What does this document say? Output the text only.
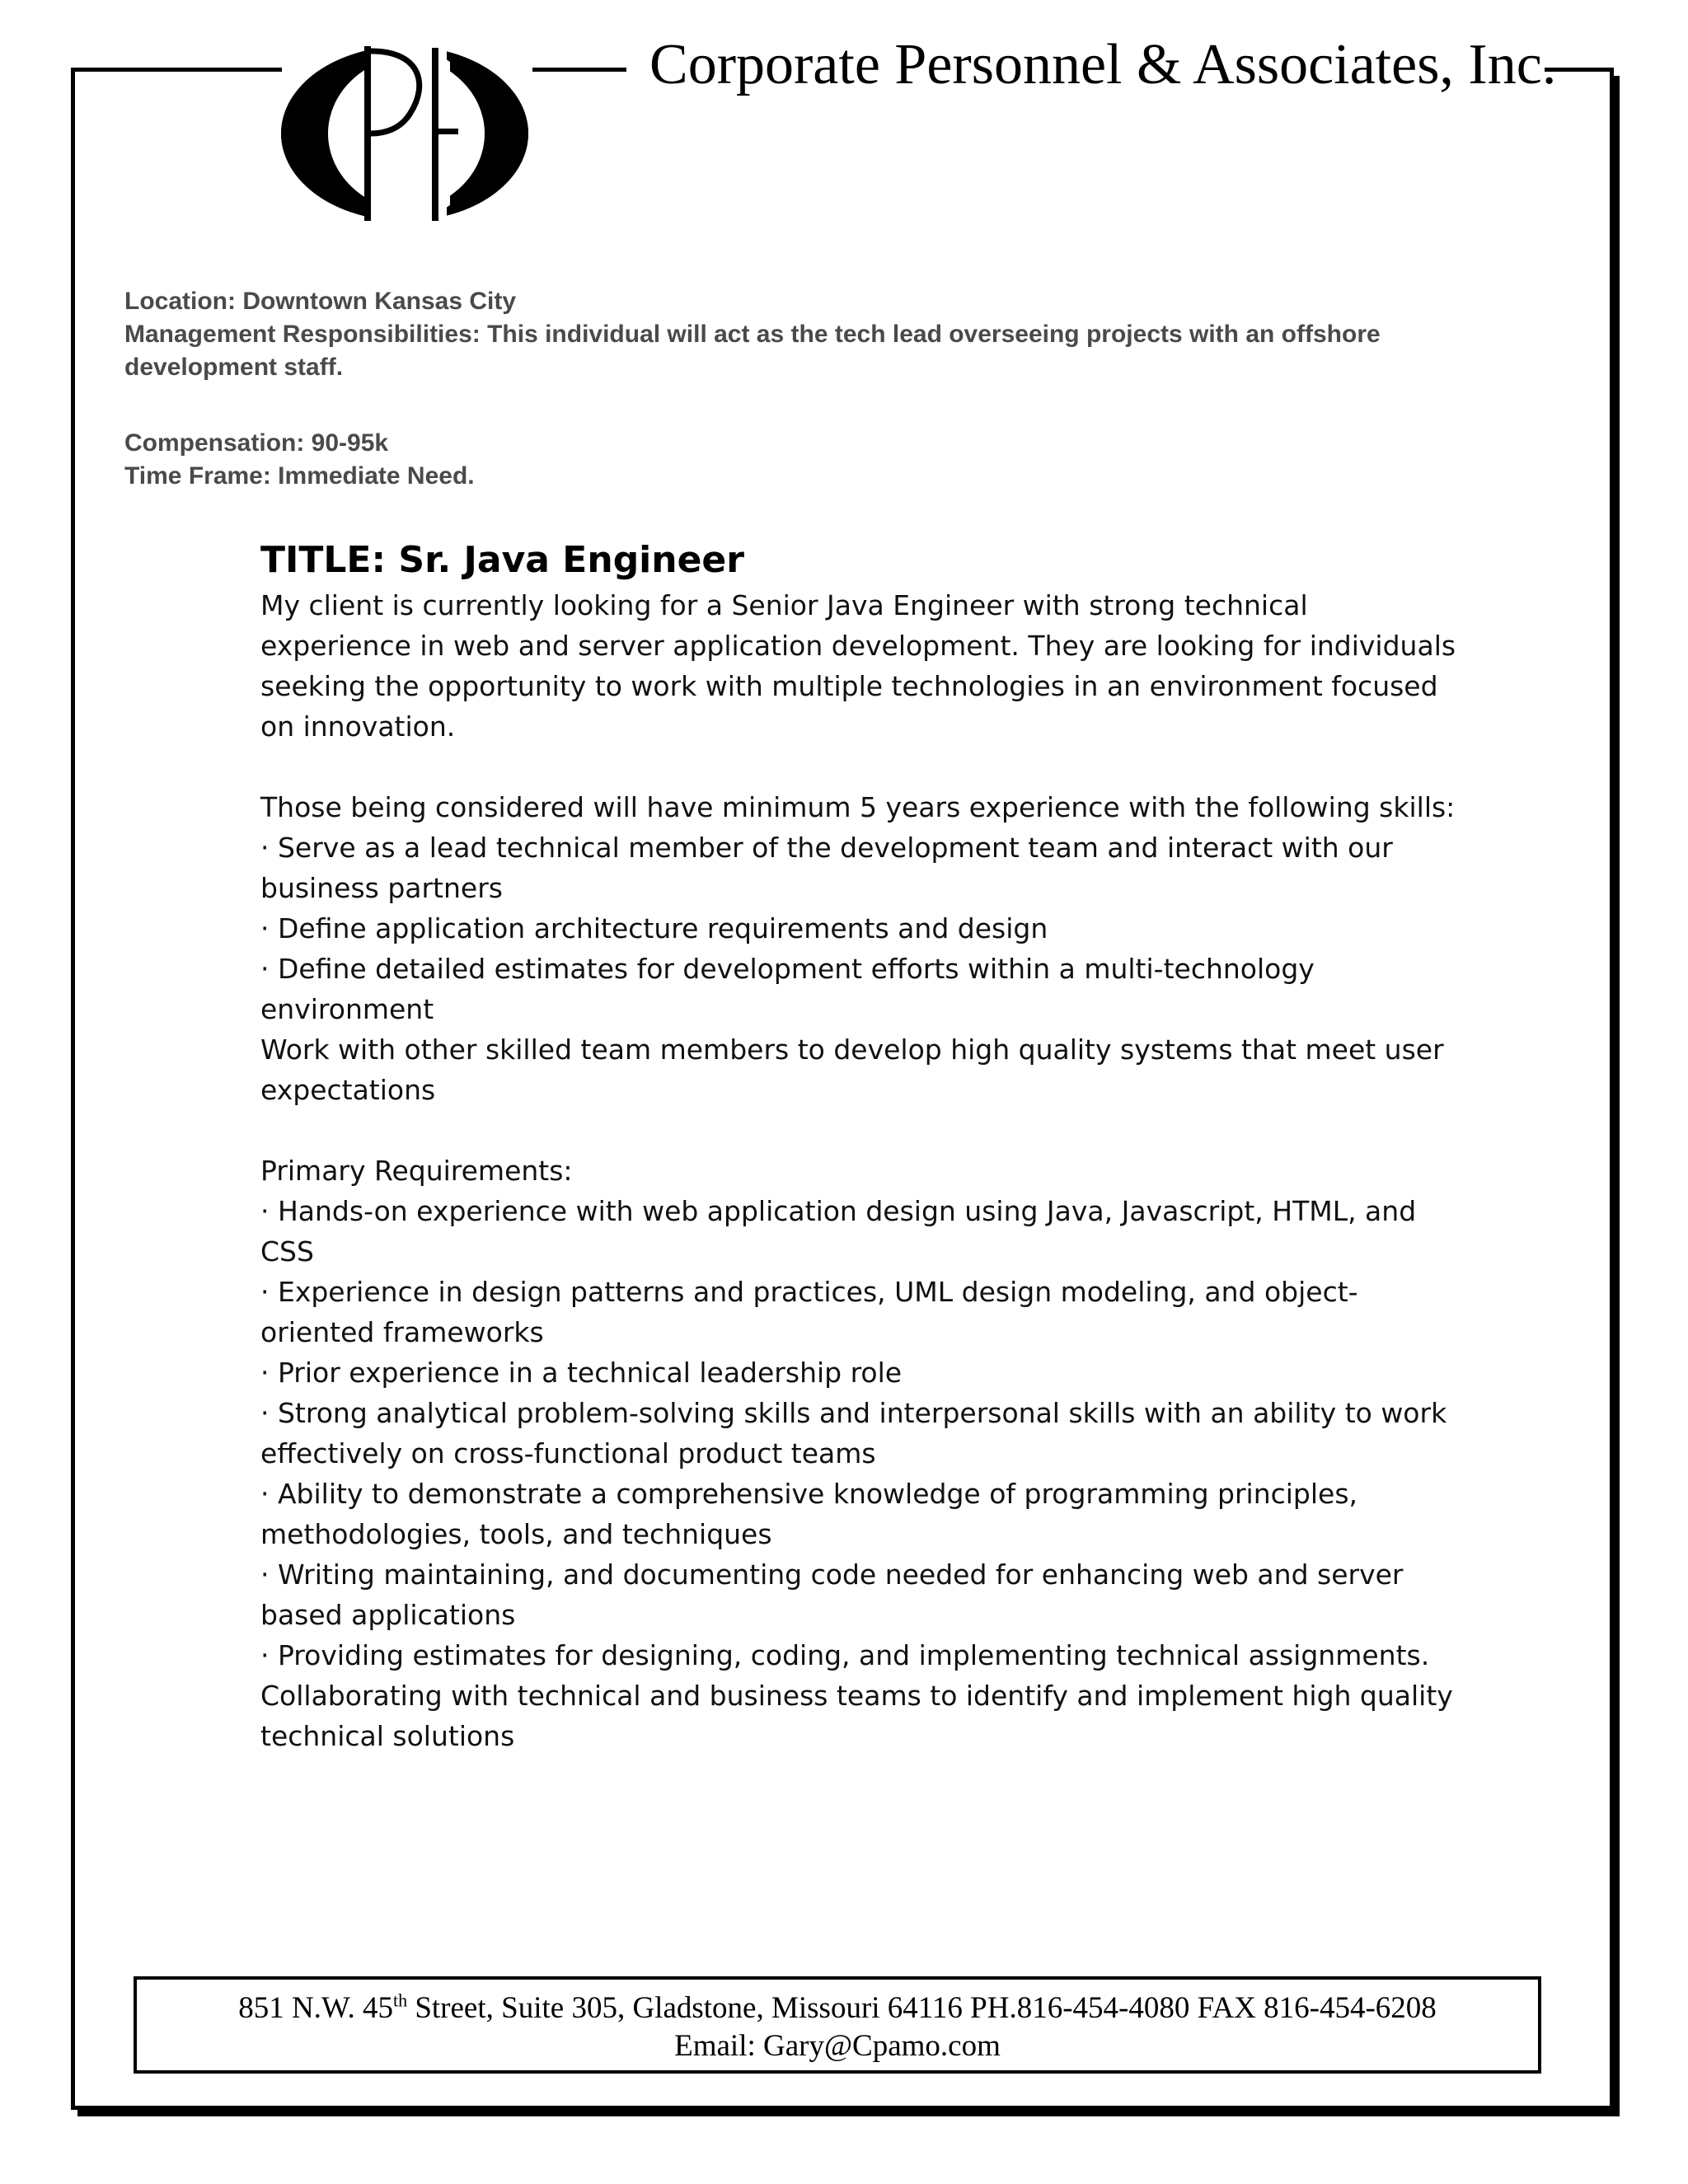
Corporate Personnel & Associates, Inc.

Location: Downtown Kansas City

Management Responsibilities: This individual will act as the tech lead overseeing projects with an offshore development staff.

Compensation: 90-95k

Time Frame: Immediate Need.

TITLE: Sr. Java Engineer

My client is currently looking for a Senior Java Engineer with strong technical experience in web and server application development. They are looking for individuals seeking the opportunity to work with multiple technologies in an environment focused on innovation.

Those being considered will have minimum 5 years experience with the following skills:

· Serve as a lead technical member of the development team and interact with our business partners

· Define application architecture requirements and design

· Define detailed estimates for development efforts within a multi-technology environment

Work with other skilled team members to develop high quality systems that meet user expectations

Primary Requirements:

· Hands-on experience with web application design using Java, Javascript, HTML, and CSS

· Experience in design patterns and practices, UML design modeling, and object-oriented frameworks

· Prior experience in a technical leadership role

· Strong analytical problem-solving skills and interpersonal skills with an ability to work effectively on cross-functional product teams

· Ability to demonstrate a comprehensive knowledge of programming principles, methodologies, tools, and techniques

· Writing maintaining, and documenting code needed for enhancing web and server based applications

· Providing estimates for designing, coding, and implementing technical assignments.

Collaborating with technical and business teams to identify and implement high quality technical solutions

851 N.W. 45th Street, Suite 305, Gladstone, Missouri 64116 PH.816-454-4080 FAX 816-454-6208

Email: Gary@Cpamo.com
